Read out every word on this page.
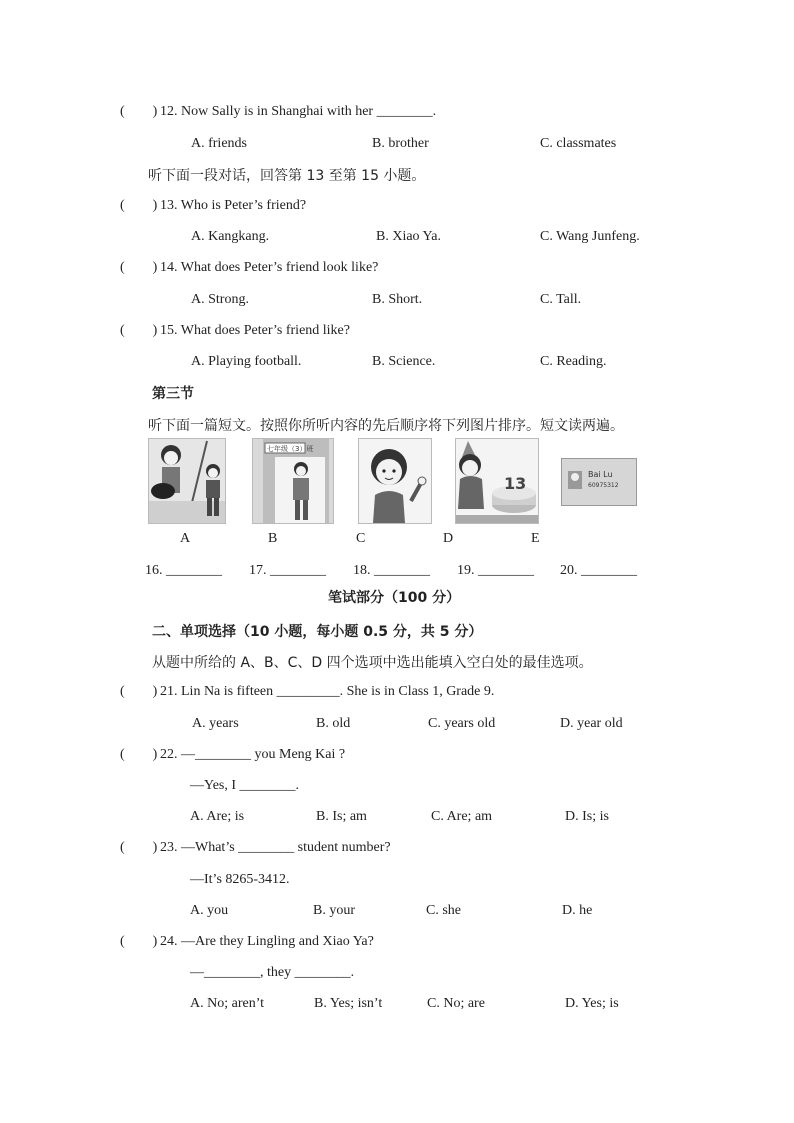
( ) 12. Now Sally is in Shanghai with her ________.
A. friends	B. brother	C. classmates
听下面一段对话，回答第 13 至第 15 小题。
( ) 13. Who is Peter’s friend?
A. Kangkang.	B. Xiao Ya.	C. Wang Junfeng.
( ) 14. What does Peter’s friend look like?
A. Strong.	B. Short.	C. Tall.
( ) 15. What does Peter’s friend like?
A. Playing football.	B. Science.	C. Reading.
第三节
听下面一篇短文。按照你所听内容的先后顺序将下列图片排序。短文读两遍。
七年级（3）班
13	Bai Lu
60975312
A	B	C	D	E
16. ________ 17. ________ 18. ________ 19. ________ 20. ________
笔试部分（100 分）
二、单项选择（10 小题，每小题 0.5 分，共 5 分）
从题中所给的 A、B、C、D 四个选项中选出能填入空白处的最佳选项。
( ) 21. Lin Na is fifteen _________. She is in Class 1, Grade 9.
A. years	B. old	C. years old	D. year old
( ) 22. —________ you Meng Kai ?
—Yes, I ________.
A. Are; is	B. Is; am	C. Are; am	D. Is; is
( ) 23. —What’s ________ student number?
—It’s 8265-3412.
A. you	B. your	C. she	D. he
( ) 24. —Are they Lingling and Xiao Ya?
—________, they ________.
A. No; aren’t	B. Yes; isn’t	C. No; are	D. Yes; is
